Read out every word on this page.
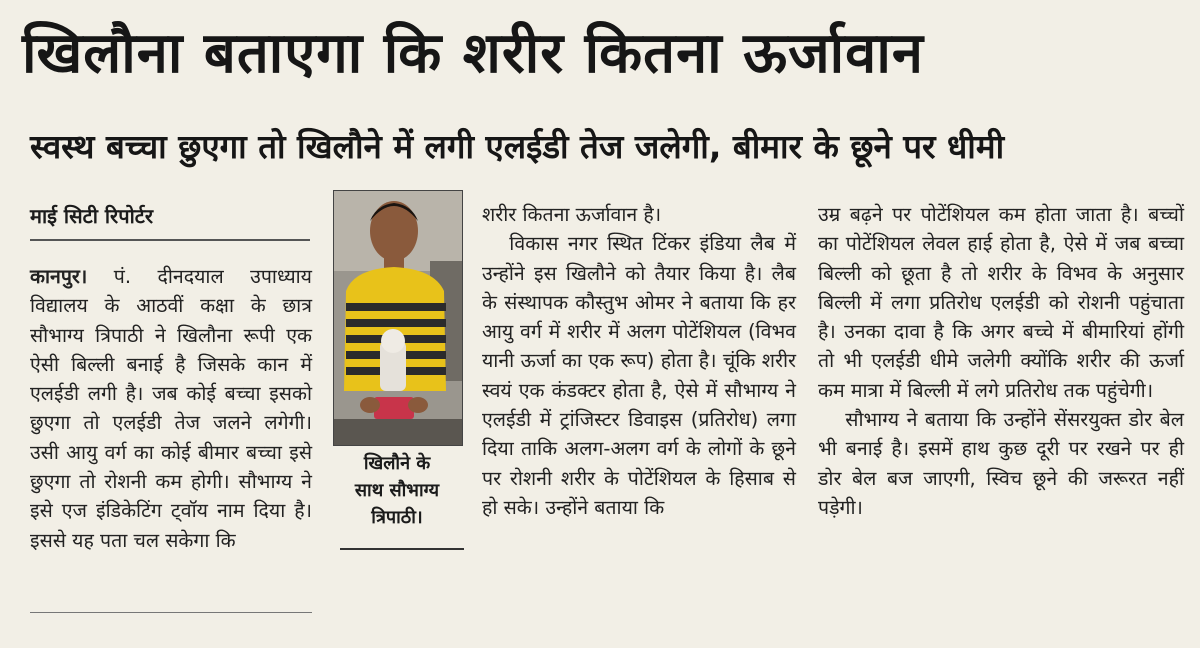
खिलौना बताएगा कि शरीर कितना ऊर्जावान
स्वस्थ बच्चा छुएगा तो खिलौने में लगी एलईडी तेज जलेगी, बीमार के छूने पर धीमी
माई सिटी रिपोर्टर

कानपुर। पं. दीनदयाल उपाध्याय विद्यालय के आठवीं कक्षा के छात्र सौभाग्य त्रिपाठी ने खिलौना रूपी एक ऐसी बिल्ली बनाई है जिसके कान में एलईडी लगी है। जब कोई बच्चा इसको छुएगा तो एलईडी तेज जलने लगेगी। उसी आयु वर्ग का कोई बीमार बच्चा इसे छुएगा तो रोशनी कम होगी। सौभाग्य ने इसे एज इंडिकेटिंग ट्वॉय नाम दिया है। इससे यह पता चल सकेगा कि

खिलौने के
साथ सौभाग्य
त्रिपाठी।

शरीर कितना ऊर्जावान है।

विकास नगर स्थित टिंकर इंडिया लैब में उन्होंने इस खिलौने को तैयार किया है। लैब के संस्थापक कौस्तुभ ओमर ने बताया कि हर आयु वर्ग में शरीर में अलग पोटेंशियल (विभव यानी ऊर्जा का एक रूप) होता है। चूंकि शरीर स्वयं एक कंडक्टर होता है, ऐसे में सौभाग्य ने एलईडी में ट्रांजिस्टर डिवाइस (प्रतिरोध) लगा दिया ताकि अलग-अलग वर्ग के लोगों के छूने पर रोशनी शरीर के पोटेंशियल के हिसाब से हो सके। उन्होंने बताया कि

उम्र बढ़ने पर पोटेंशियल कम होता जाता है। बच्चों का पोटेंशियल लेवल हाई होता है, ऐसे में जब बच्चा बिल्ली को छूता है तो शरीर के विभव के अनुसार बिल्ली में लगा प्रतिरोध एलईडी को रोशनी पहुंचाता है। उनका दावा है कि अगर बच्चे में बीमारियां होंगी तो भी एलईडी धीमे जलेगी क्योंकि शरीर की ऊर्जा कम मात्रा में बिल्ली में लगे प्रतिरोध तक पहुंचेगी।

सौभाग्य ने बताया कि उन्होंने सेंसरयुक्त डोर बेल भी बनाई है। इसमें हाथ कुछ दूरी पर रखने पर ही डोर बेल बज जाएगी, स्विच छूने की जरूरत नहीं पड़ेगी।
